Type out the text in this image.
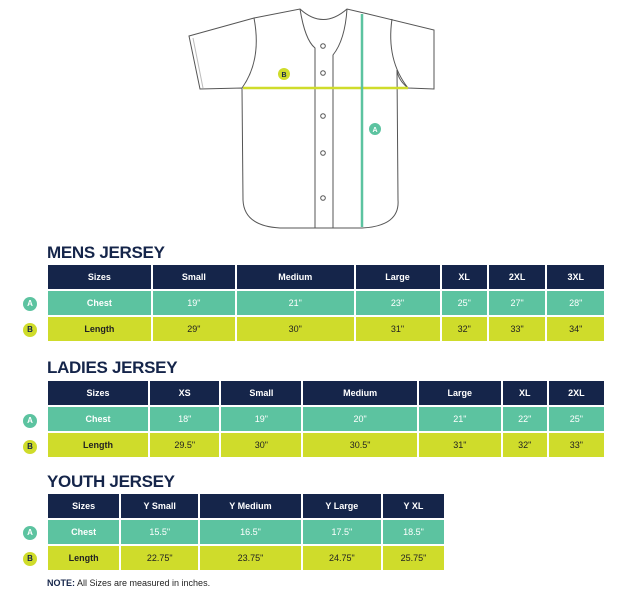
B
A
MENS JERSEY
A
B
Sizes	Small	Medium	Large	XL	2XL	3XL
Chest	19"	21"	23"	25"	27"	28"
Length	29"	30"	31"	32"	33"	34"
LADIES JERSEY
A
B
Sizes	XS	Small	Medium	Large	XL	2XL
Chest	18"	19"	20"	21"	22"	25"
Length	29.5"	30"	30.5"	31"	32"	33"
YOUTH JERSEY
A
B
Sizes	Y Small	Y Medium	Y Large	Y XL
Chest	15.5"	16.5"	17.5"	18.5"
Length	22.75"	23.75"	24.75"	25.75"
NOTE: All Sizes are measured in inches.
